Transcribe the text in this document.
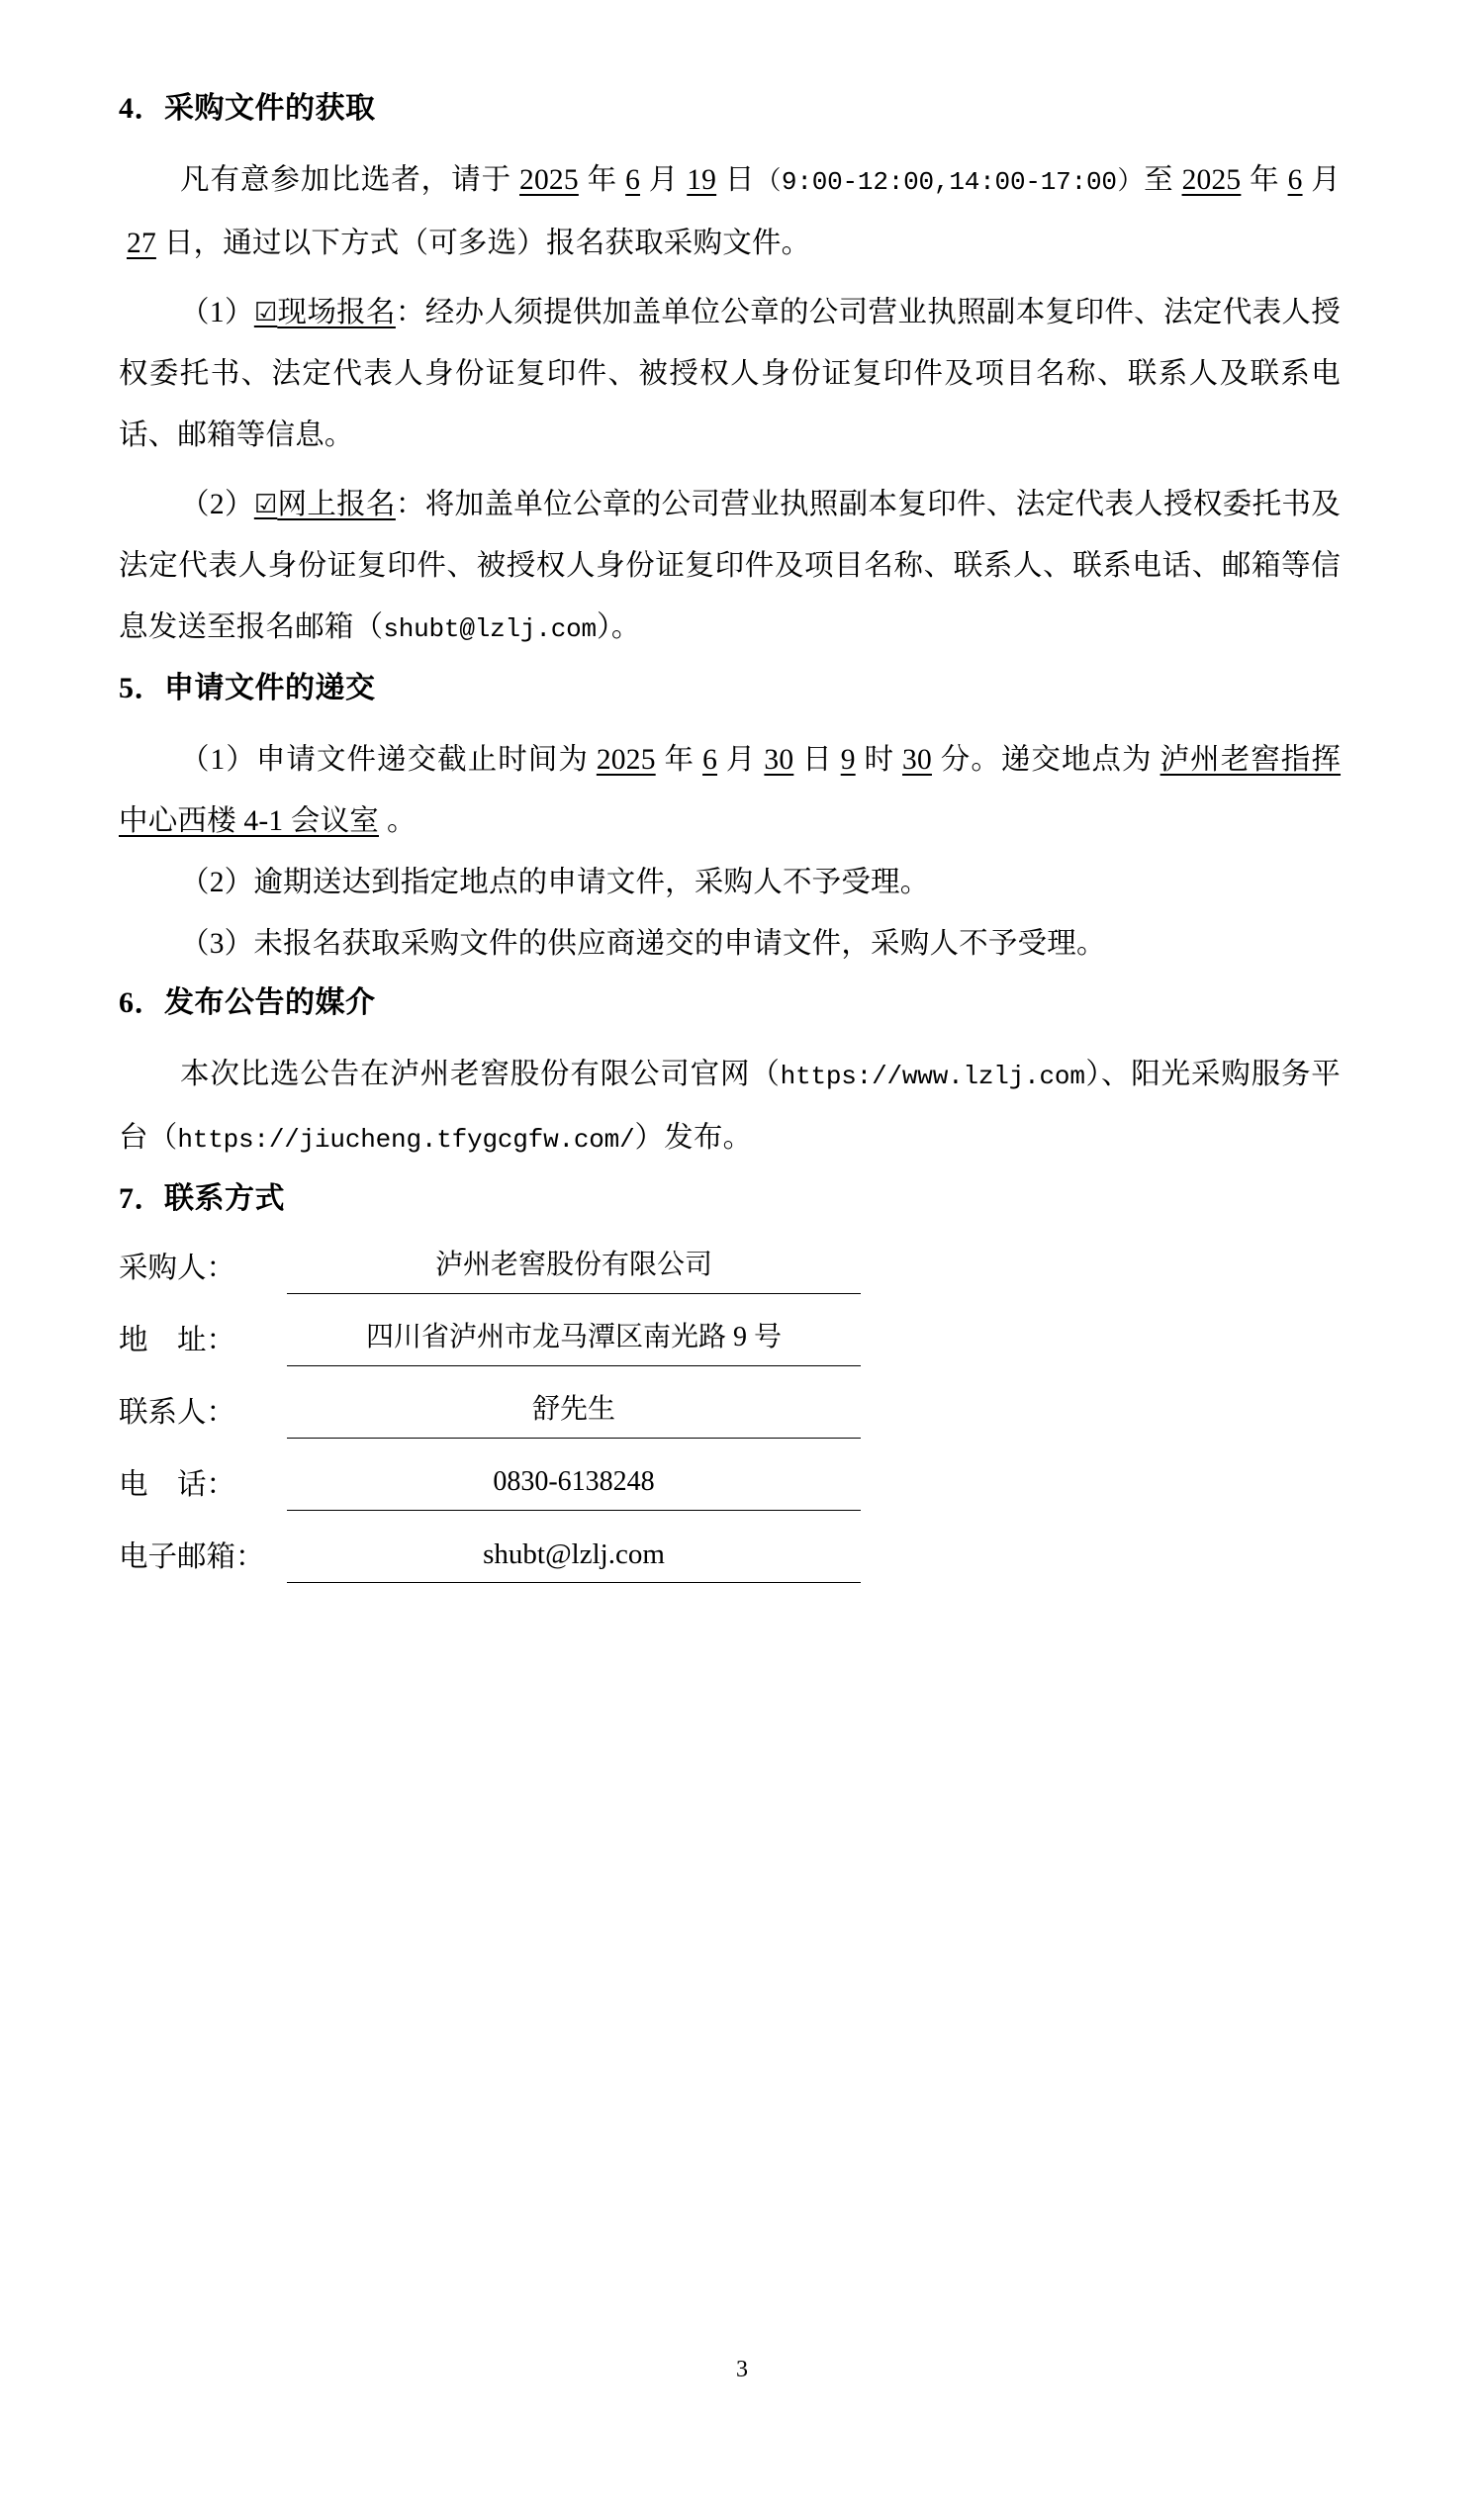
4．采购文件的获取

凡有意参加比选者，请于 2025 年 6 月 19 日（9:00-12:00,14:00-17:00）至 2025 年 6 月27 日，通过以下方式（可多选）报名获取采购文件。

（1）☑现场报名：经办人须提供加盖单位公章的公司营业执照副本复印件、法定代表人授权委托书、法定代表人身份证复印件、被授权人身份证复印件及项目名称、联系人及联系电话、邮箱等信息。

（2）☑网上报名：将加盖单位公章的公司营业执照副本复印件、法定代表人授权委托书及法定代表人身份证复印件、被授权人身份证复印件及项目名称、联系人、联系电话、邮箱等信息发送至报名邮箱（shubt@lzlj.com）。

5．申请文件的递交

（1）申请文件递交截止时间为 2025 年 6 月 30 日 9 时 30 分。递交地点为 泸州老窖指挥中心西楼 4-1 会议室 。

（2）逾期送达到指定地点的申请文件，采购人不予受理。

（3）未报名获取采购文件的供应商递交的申请文件，采购人不予受理。

6．发布公告的媒介

本次比选公告在泸州老窖股份有限公司官网（https://www.lzlj.com）、阳光采购服务平台（https://jiucheng.tfygcgfw.com/）发布。

7．联系方式
采购人：	泸州老窖股份有限公司
地　址：	四川省泸州市龙马潭区南光路 9 号
联系人：	舒先生
电　话：	0830-6138248
电子邮箱：	shubt@lzlj.com
3
